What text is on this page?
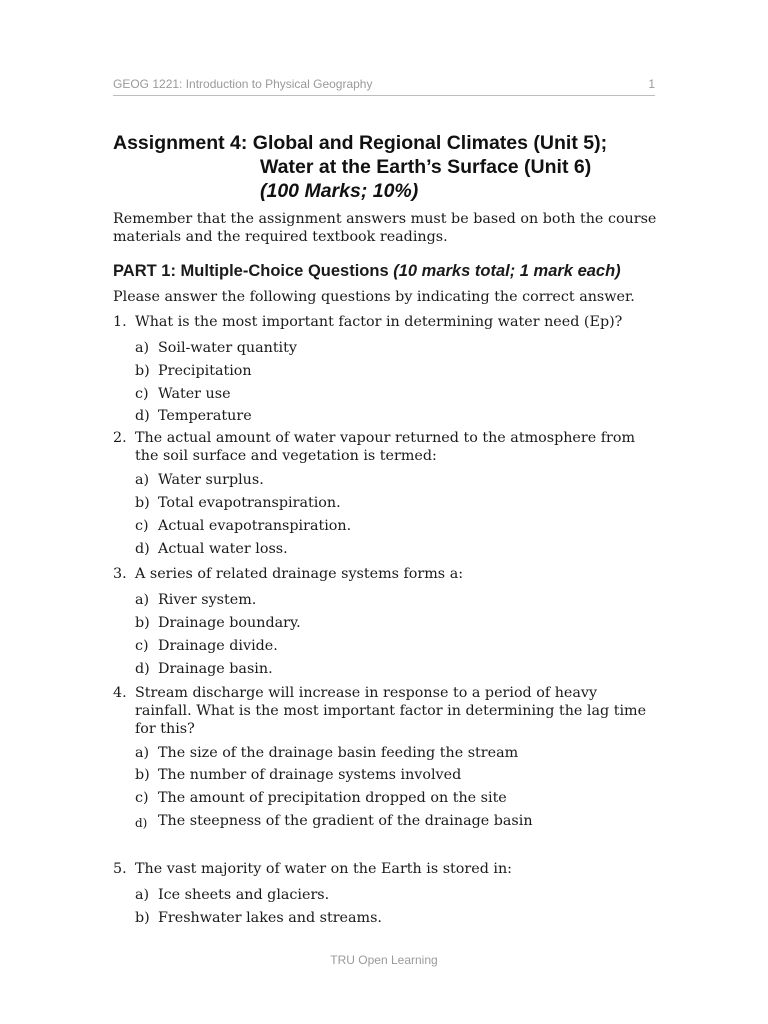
GEOG 1221: Introduction to Physical Geography	1
Assignment 4: Global and Regional Climates (Unit 5);
Water at the Earth’s Surface (Unit 6)
(100 Marks; 10%)
Remember that the assignment answers must be based on both the course materials and the required textbook readings.
PART 1: Multiple-Choice Questions (10 marks total; 1 mark each)
Please answer the following questions by indicating the correct answer.
1. What is the most important factor in determining water need (Ep)?
a) Soil-water quantity
b) Precipitation
c) Water use
d) Temperature
2. The actual amount of water vapour returned to the atmosphere from the soil surface and vegetation is termed:
a) Water surplus.
b) Total evapotranspiration.
c) Actual evapotranspiration.
d) Actual water loss.
3. A series of related drainage systems forms a:
a) River system.
b) Drainage boundary.
c) Drainage divide.
d) Drainage basin.
4. Stream discharge will increase in response to a period of heavy rainfall. What is the most important factor in determining the lag time for this?
a) The size of the drainage basin feeding the stream
b) The number of drainage systems involved
c) The amount of precipitation dropped on the site
d) The steepness of the gradient of the drainage basin
5. The vast majority of water on the Earth is stored in:
a) Ice sheets and glaciers.
b) Freshwater lakes and streams.
TRU Open Learning
